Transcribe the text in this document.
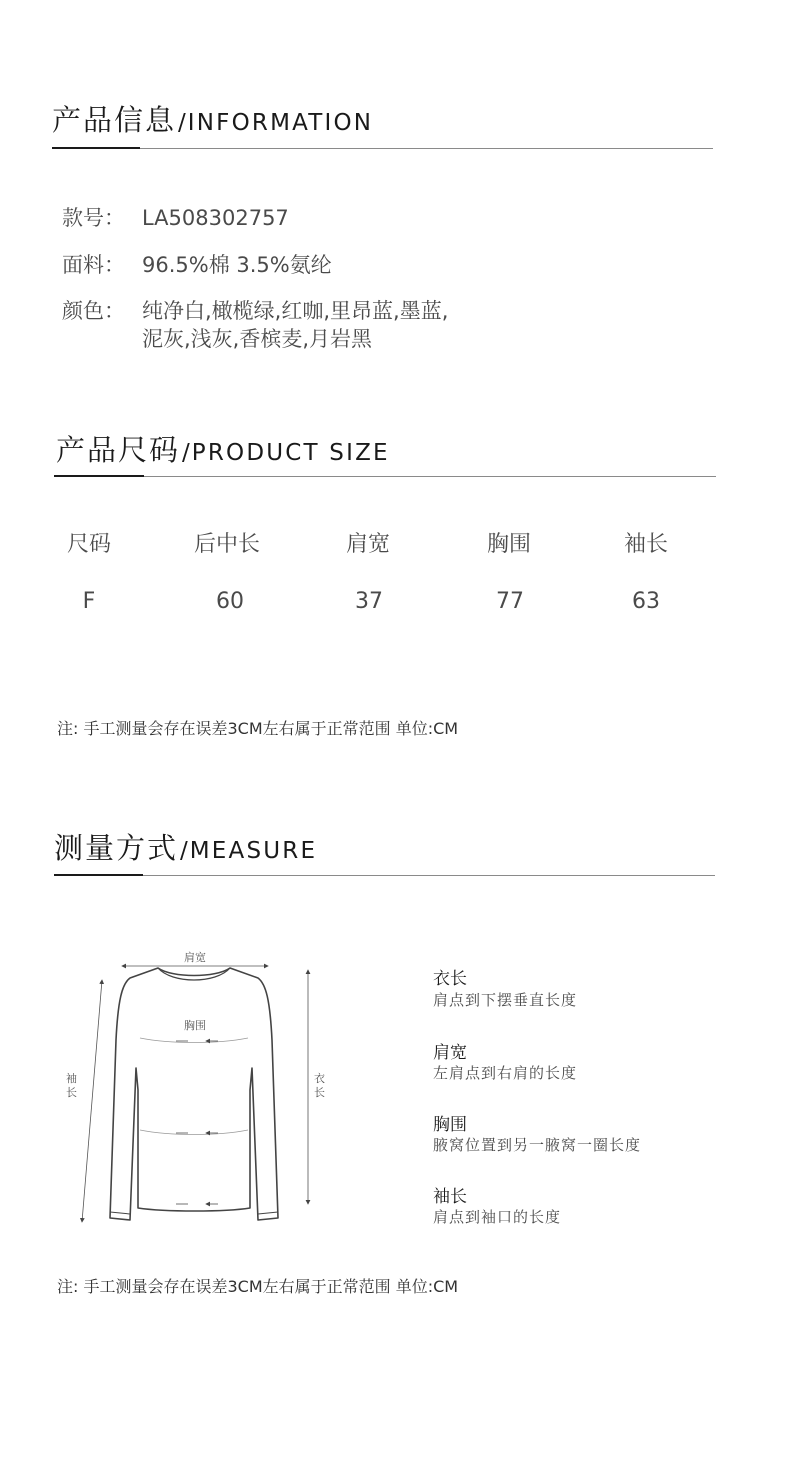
产品信息 / INFORMATION
款号： LA508302757
面料： 96.5%棉 3.5%氨纶
颜色： 纯净白,橄榄绿,红咖,里昂蓝,墨蓝,
泥灰,浅灰,香槟麦,月岩黑
产品尺码 / PRODUCT SIZE
尺码	后中长	肩宽	胸围	袖长
F	60	37	77	63
注: 手工测量会存在误差3CM左右属于正常范围 单位:CM
测量方式 / MEASURE
肩宽
胸围
袖
长
衣
长
衣长
肩点到下摆垂直长度
肩宽
左肩点到右肩的长度
胸围
腋窝位置到另一腋窝一圈长度
袖长
肩点到袖口的长度
注: 手工测量会存在误差3CM左右属于正常范围 单位:CM
